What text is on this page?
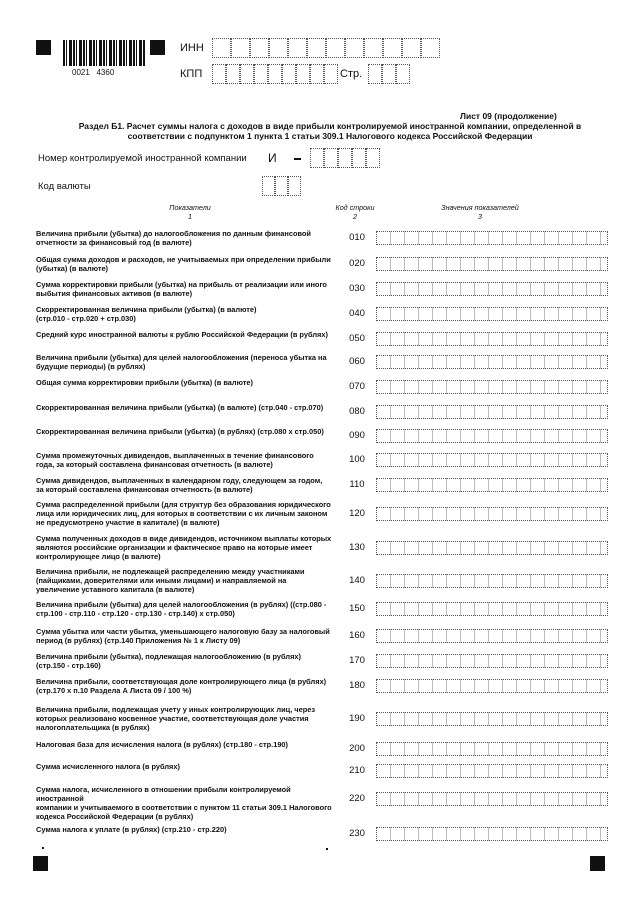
0021   4360
ИНН
КПП	Стр.
Лист 09 (продолжение)
Раздел Б1. Расчет суммы налога с доходов в виде прибыли контролируемой иностранной компании, определенной в
соответствии с подпунктом 1 пункта 1 статьи 309.1 Налогового кодекса Российской Федерации
Номер контролируемой иностранной компании И
Код валюты
Показатели
1
Код строки
2
Значения показателей
3
Величина прибыли (убытка) до налогообложения по данным финансовой
отчетности за финансовый год (в валюте)	010
Общая сумма доходов и расходов, не учитываемых при определении прибыли
(убытка) (в валюте)	020
Сумма корректировки прибыли (убытка) на прибыль от реализации или иного
выбытия финансовых активов (в валюте)	030
Скорректированная величина прибыли (убытка) (в валюте)
(стр.010 - стр.020 + стр.030)	040
Средний курс иностранной валюты к рублю Российской Федерации (в рублях)	050
Величина прибыли (убытка) для целей налогообложения (переноса убытка на
будущие периоды) (в рублях)	060
Общая сумма корректировки прибыли (убытка) (в валюте)	070
Скорректированная величина прибыли (убытка) (в валюте) (стр.040 - стр.070)	080
Скорректированная величина прибыли (убытка) (в рублях) (стр.080 х стр.050)	090
Сумма промежуточных дивидендов, выплаченных в течение финансового
года, за который составлена финансовая отчетность (в валюте)	100
Сумма дивидендов, выплаченных в календарном году, следующем за годом,
за который составлена финансовая отчетность (в валюте)	110
Сумма распределенной прибыли (для структур без образования юридического
лица или юридических лиц, для которых в соответствии с их личным законом
не предусмотрено участие в капитале) (в валюте)
120
Сумма полученных доходов в виде дивидендов, источником выплаты которых
являются российские организации и фактическое право на которые имеет
контролирующее лицо (в валюте)
130
Величина прибыли, не подлежащей распределению между участниками
(пайщиками, доверителями или иными лицами) и направляемой на
увеличение уставного капитала (в валюте)
140
Величина прибыли (убытка) для целей налогообложения (в рублях) ((стр.080 -
стр.100 - стр.110 - стр.120 - стр.130 - стр.140) х стр.050)	150
Сумма убытка или части убытка, уменьшающего налоговую базу за налоговый
период (в рублях) (стр.140 Приложения № 1 к Листу 09)	160
Величина прибыли (убытка), подлежащая налогообложению (в рублях)
(стр.150 - стр.160)	170
Величина прибыли, соответствующая доле контролирующего лица (в рублях)
(стр.170 х п.10 Раздела А Листа 09 / 100 %)	180
Величина прибыли, подлежащая учету у иных контролирующих лиц, через
которых реализовано косвенное участие, соответствующая доле участия
налогоплательщика (в рублях)
190
Налоговая база для исчисления налога (в рублях) (стр.180 - стр.190)	200
Сумма исчисленного налога (в рублях)	210
Сумма налога, исчисленного в отношении прибыли контролируемой иностранной
компании и учитываемого в соответствии с пунктом 11 статьи 309.1 Налогового
кодекса Российской Федерации (в рублях)
220
Сумма налога к уплате (в рублях) (стр.210 - стр.220)	230
